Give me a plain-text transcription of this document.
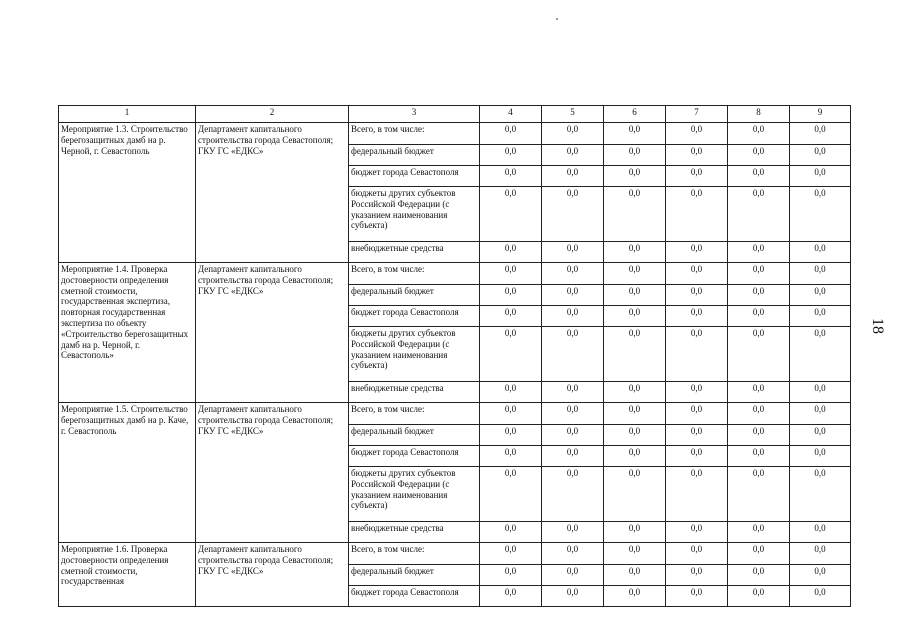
18
1	2	3	4	5	6	7	8	9
Мероприятие 1.3. Строительство берегозащитных дамб на р. Черной, г. Севастополь	Департамент капитального строительства города Севастополя; ГКУ ГС «ЕДКС»	Всего, в том числе:	0,0	0,0	0,0	0,0	0,0	0,0
		федеральный бюджет	0,0	0,0	0,0	0,0	0,0	0,0
		бюджет города Севастополя	0,0	0,0	0,0	0,0	0,0	0,0
		бюджеты других субъектов Российской Федерации (с указанием наименования субъекта)	0,0	0,0	0,0	0,0	0,0	0,0
		внебюджетные средства	0,0	0,0	0,0	0,0	0,0	0,0
Мероприятие 1.4. Проверка достоверности определения сметной стоимости, государственная экспертиза, повторная государственная экспертиза по объекту «Строительство берегозащитных дамб на р. Черной, г. Севастополь»	Департамент капитального строительства города Севастополя; ГКУ ГС «ЕДКС»	Всего, в том числе:	0,0	0,0	0,0	0,0	0,0	0,0
		федеральный бюджет	0,0	0,0	0,0	0,0	0,0	0,0
		бюджет города Севастополя	0,0	0,0	0,0	0,0	0,0	0,0
		бюджеты других субъектов Российской Федерации (с указанием наименования субъекта)	0,0	0,0	0,0	0,0	0,0	0,0
		внебюджетные средства	0,0	0,0	0,0	0,0	0,0	0,0
Мероприятие 1.5. Строительство берегозащитных дамб на р. Каче, г. Севастополь	Департамент капитального строительства города Севастополя; ГКУ ГС «ЕДКС»	Всего, в том числе:	0,0	0,0	0,0	0,0	0,0	0,0
		федеральный бюджет	0,0	0,0	0,0	0,0	0,0	0,0
		бюджет города Севастополя	0,0	0,0	0,0	0,0	0,0	0,0
		бюджеты других субъектов Российской Федерации (с указанием наименования субъекта)	0,0	0,0	0,0	0,0	0,0	0,0
		внебюджетные средства	0,0	0,0	0,0	0,0	0,0	0,0
Мероприятие 1.6. Проверка достоверности определения сметной стоимости, государственная	Департамент капитального строительства города Севастополя; ГКУ ГС «ЕДКС»	Всего, в том числе:	0,0	0,0	0,0	0,0	0,0	0,0
		федеральный бюджет	0,0	0,0	0,0	0,0	0,0	0,0
		бюджет города Севастополя	0,0	0,0	0,0	0,0	0,0	0,0
